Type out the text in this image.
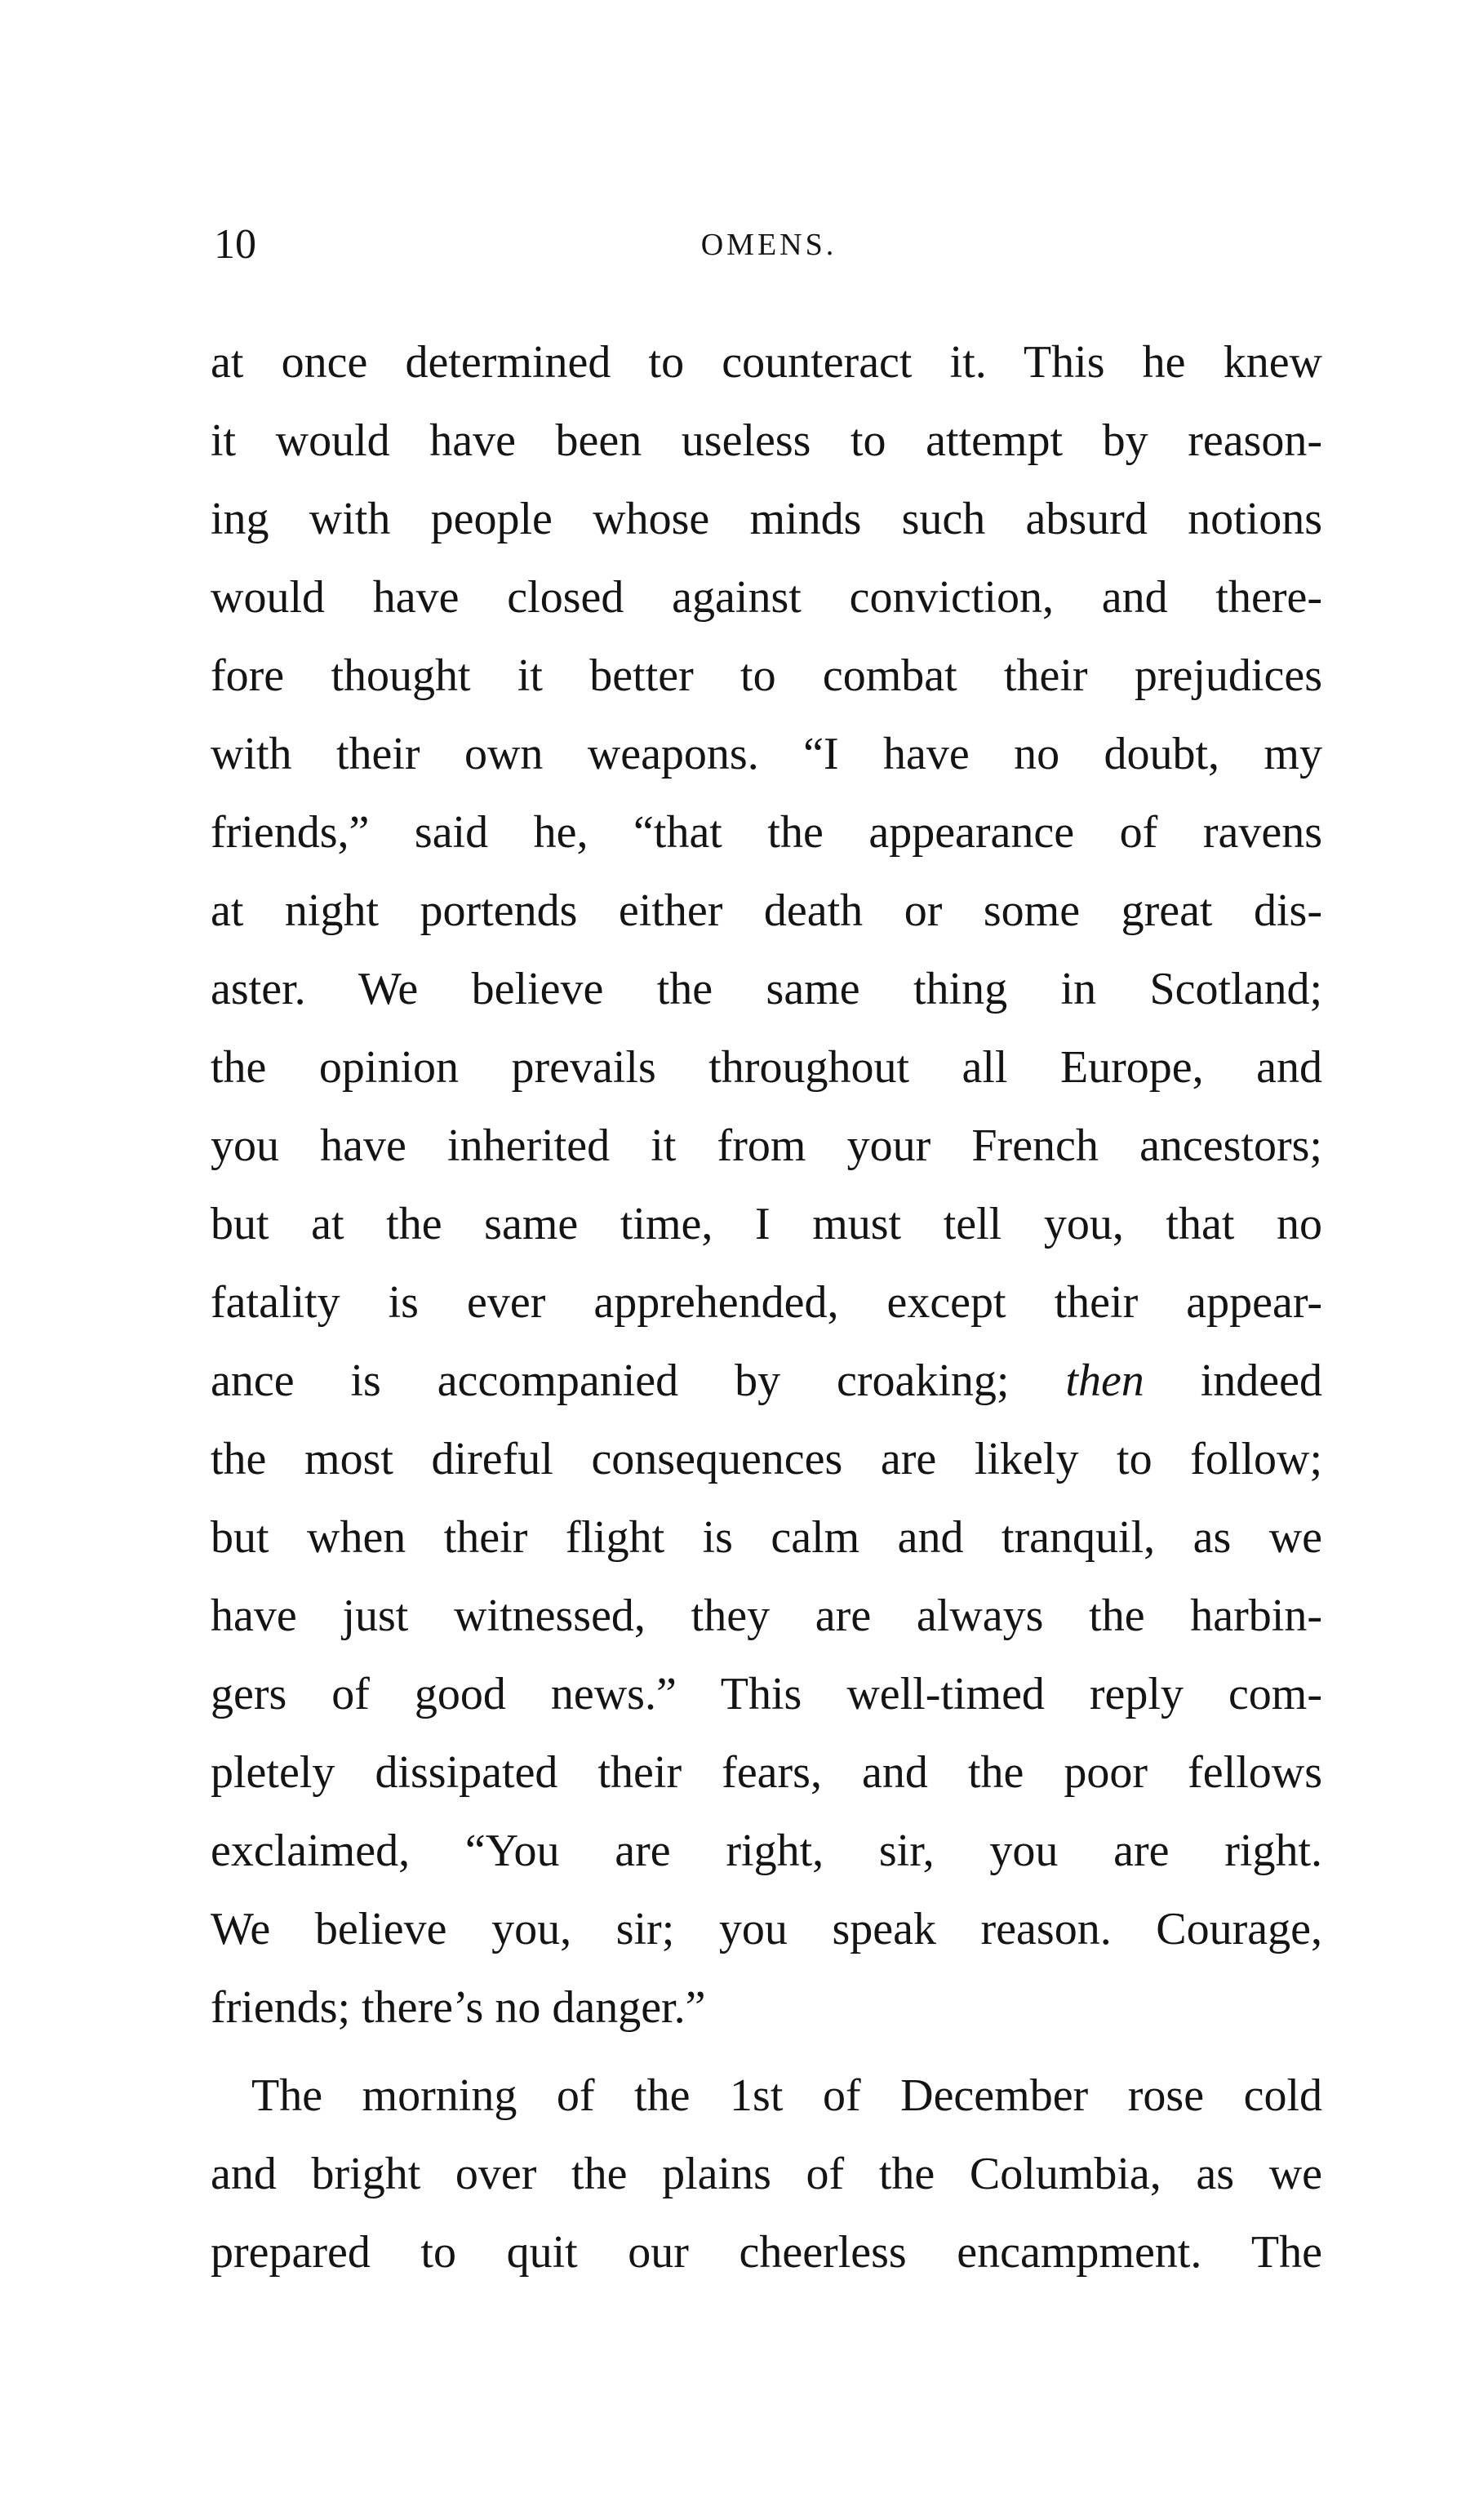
10	OMENS.
at once determined to counteract it. This he knew
it would have been useless to attempt by reason-
ing with people whose minds such absurd notions
would have closed against conviction, and there-
fore thought it better to combat their prejudices
with their own weapons. “I have no doubt, my
friends,” said he, “that the appearance of ravens
at night portends either death or some great dis-
aster. We believe the same thing in Scotland;
the opinion prevails throughout all Europe, and
you have inherited it from your French ancestors;
but at the same time, I must tell you, that no
fatality is ever apprehended, except their appear-
ance is accompanied by croaking; then indeed
the most direful consequences are likely to follow;
but when their flight is calm and tranquil, as we
have just witnessed, they are always the harbin-
gers of good news.” This well-timed reply com-
pletely dissipated their fears, and the poor fellows
exclaimed, “You are right, sir, you are right.
We believe you, sir; you speak reason. Courage,
friends; there’s no danger.”
The morning of the 1st of December rose cold
and bright over the plains of the Columbia, as we
prepared to quit our cheerless encampment. The
